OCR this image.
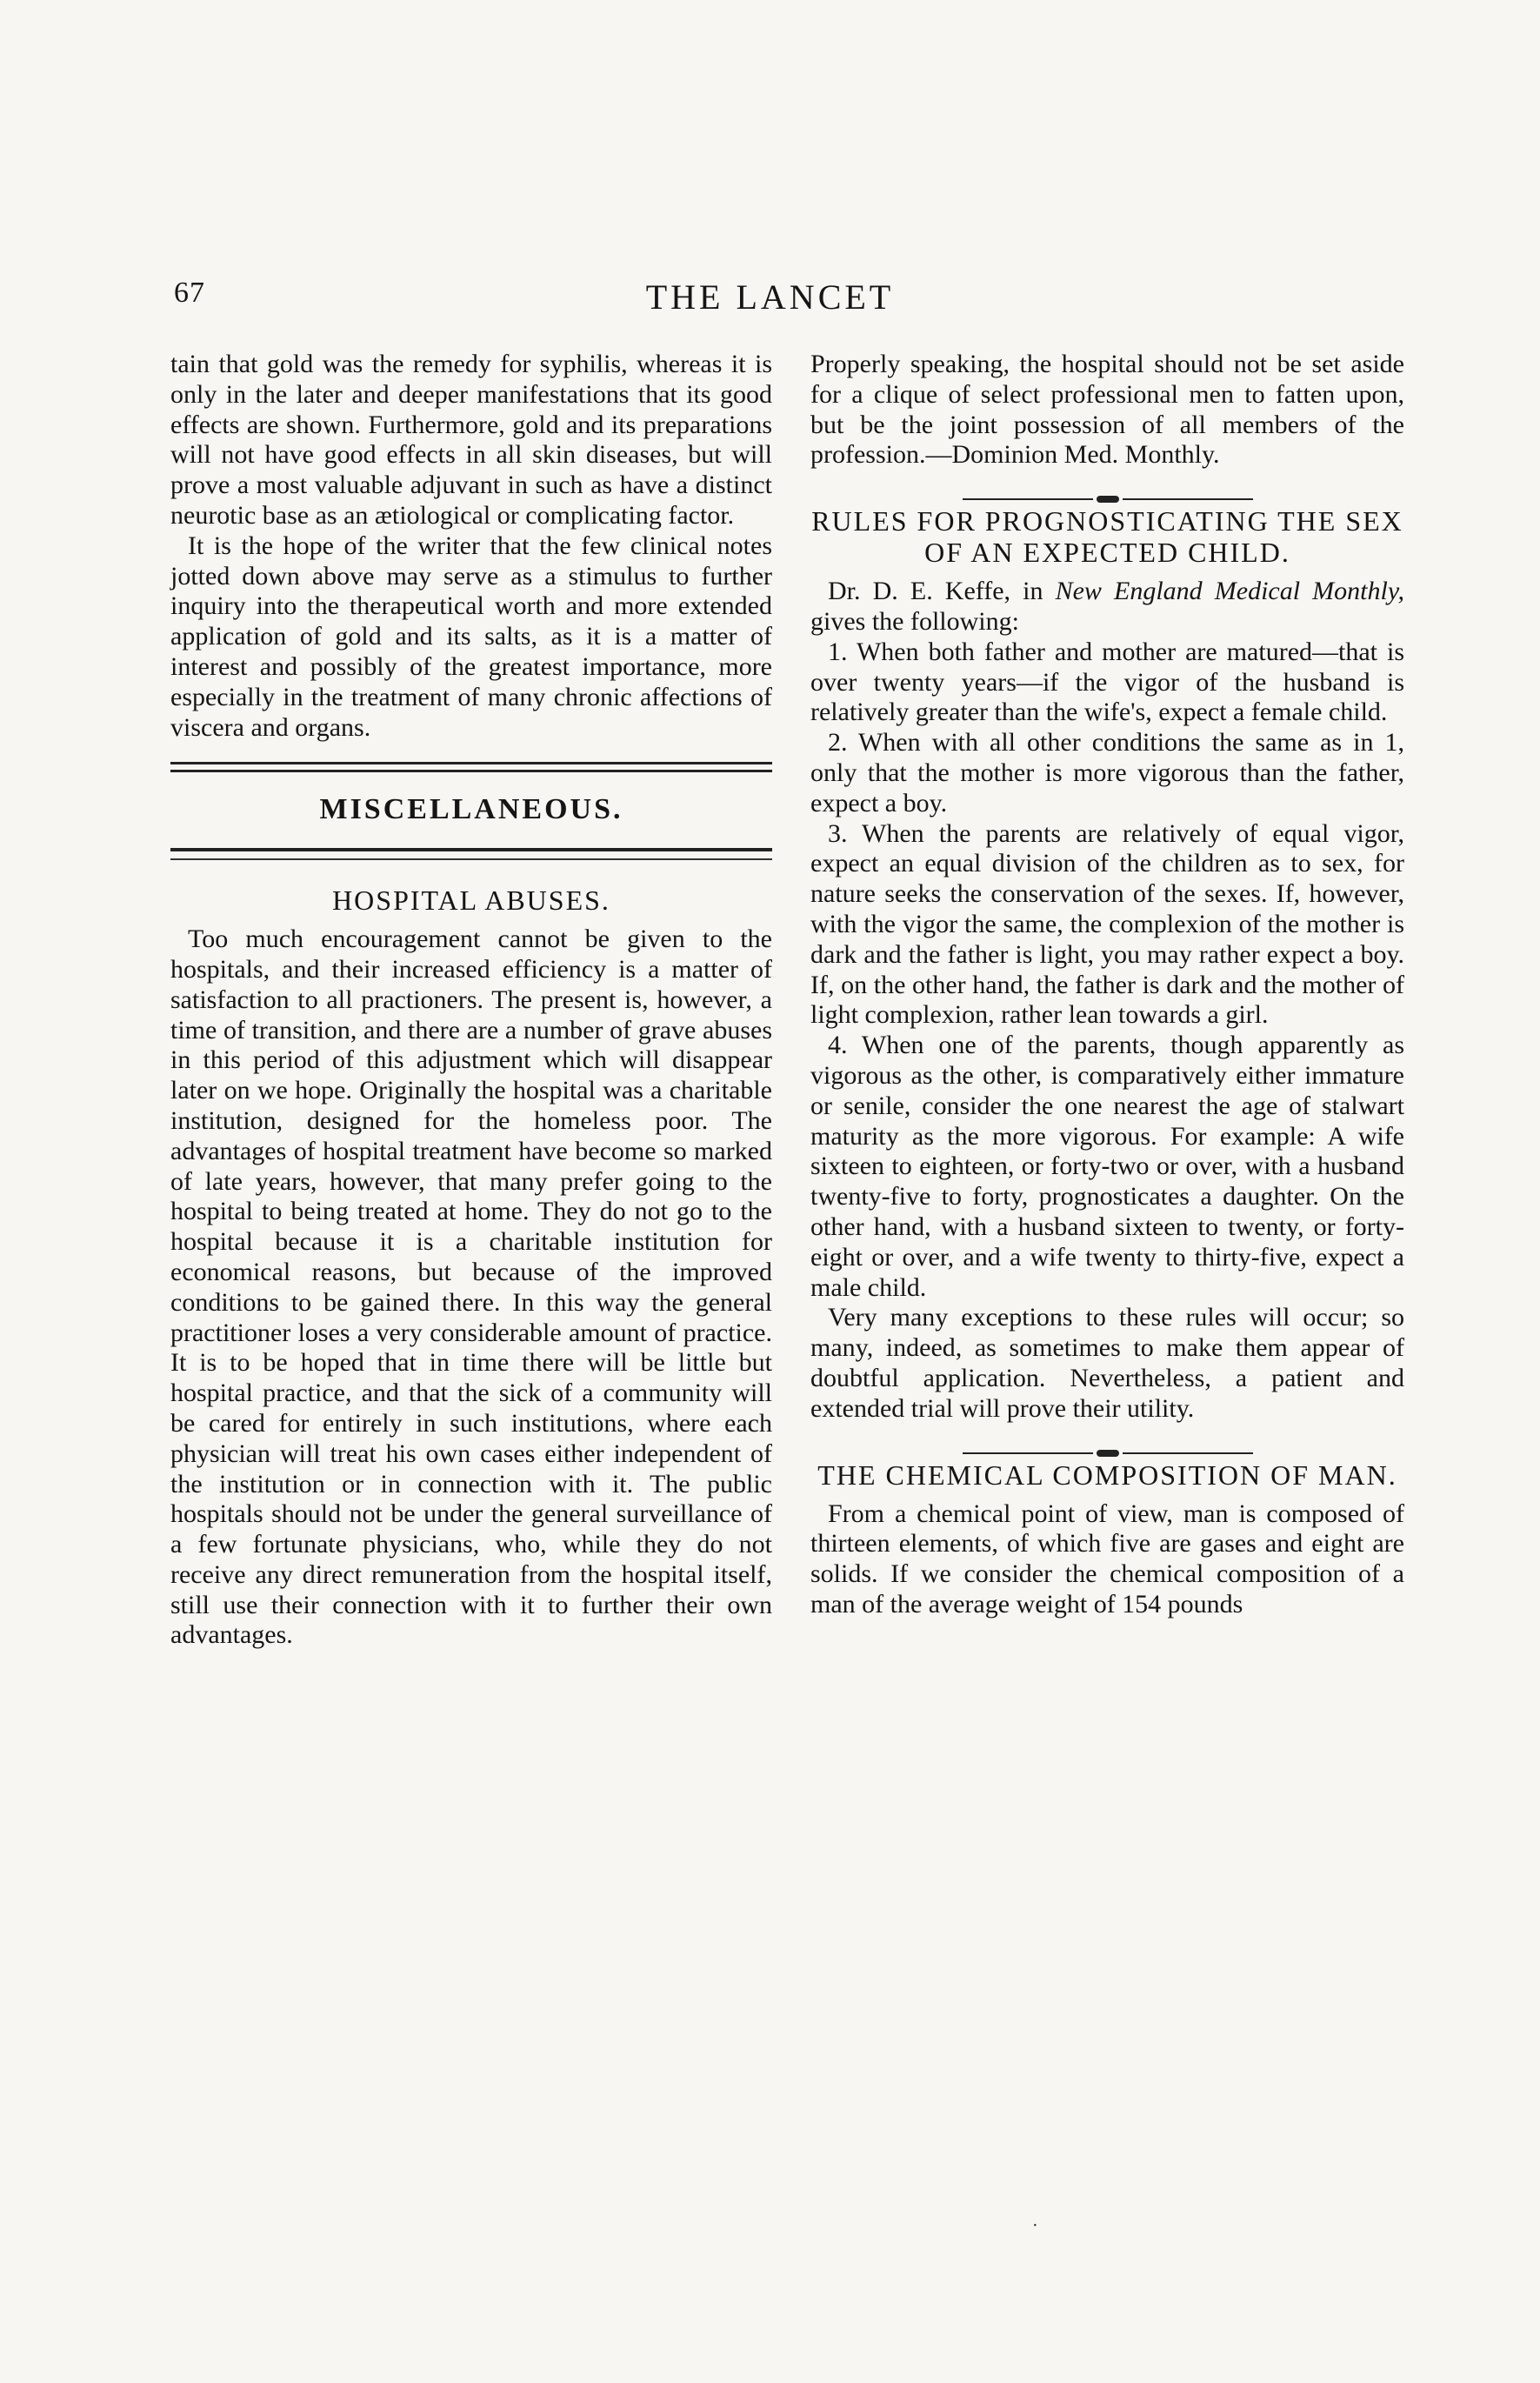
67	THE LANCET

tain that gold was the remedy for syphilis, whereas it is only in the later and deeper manifestations that its good effects are shown. Furthermore, gold and its preparations will not have good effects in all skin diseases, but will prove a most valuable adjuvant in such as have a distinct neurotic base as an ætiological or complicating factor.

It is the hope of the writer that the few clinical notes jotted down above may serve as a stimulus to further inquiry into the therapeutical worth and more extended application of gold and its salts, as it is a matter of interest and possibly of the greatest importance, more especially in the treatment of many chronic affections of viscera and organs.

MISCELLANEOUS.
HOSPITAL ABUSES.

Too much encouragement cannot be given to the hospitals, and their increased efficiency is a matter of satisfaction to all practioners. The present is, however, a time of transition, and there are a number of grave abuses in this period of this adjustment which will disappear later on we hope. Originally the hospital was a charitable institution, designed for the homeless poor. The advantages of hospital treatment have become so marked of late years, however, that many prefer going to the hospital to being treated at home. They do not go to the hospital because it is a charitable institution for economical reasons, but because of the improved conditions to be gained there. In this way the general practitioner loses a very considerable amount of practice. It is to be hoped that in time there will be little but hospital practice, and that the sick of a community will be cared for entirely in such institutions, where each physician will treat his own cases either independent of the institution or in connection with it. The public hospitals should not be under the general surveillance of a few fortunate physicians, who, while they do not receive any direct remuneration from the hospital itself, still use their connection with it to further their own advantages.

Properly speaking, the hospital should not be set aside for a clique of select professional men to fatten upon, but be the joint possession of all members of the profession.—Dominion Med. Monthly.

RULES FOR PROGNOSTICATING THE SEX OF AN EXPECTED CHILD.

Dr. D. E. Keffe, in New England Medical Monthly, gives the following:

1. When both father and mother are matured—that is over twenty years—if the vigor of the husband is relatively greater than the wife's, expect a female child.

2. When with all other conditions the same as in 1, only that the mother is more vigorous than the father, expect a boy.

3. When the parents are relatively of equal vigor, expect an equal division of the children as to sex, for nature seeks the conservation of the sexes. If, however, with the vigor the same, the complexion of the mother is dark and the father is light, you may rather expect a boy. If, on the other hand, the father is dark and the mother of light complexion, rather lean towards a girl.

4. When one of the parents, though apparently as vigorous as the other, is comparatively either immature or senile, consider the one nearest the age of stalwart maturity as the more vigorous. For example: A wife sixteen to eighteen, or forty-two or over, with a husband twenty-five to forty, prognosticates a daughter. On the other hand, with a husband sixteen to twenty, or forty-eight or over, and a wife twenty to thirty-five, expect a male child.

Very many exceptions to these rules will occur; so many, indeed, as sometimes to make them appear of doubtful application. Nevertheless, a patient and extended trial will prove their utility.

THE CHEMICAL COMPOSITION OF MAN.

From a chemical point of view, man is composed of thirteen elements, of which five are gases and eight are solids. If we consider the chemical composition of a man of the average weight of 154 pounds

·
